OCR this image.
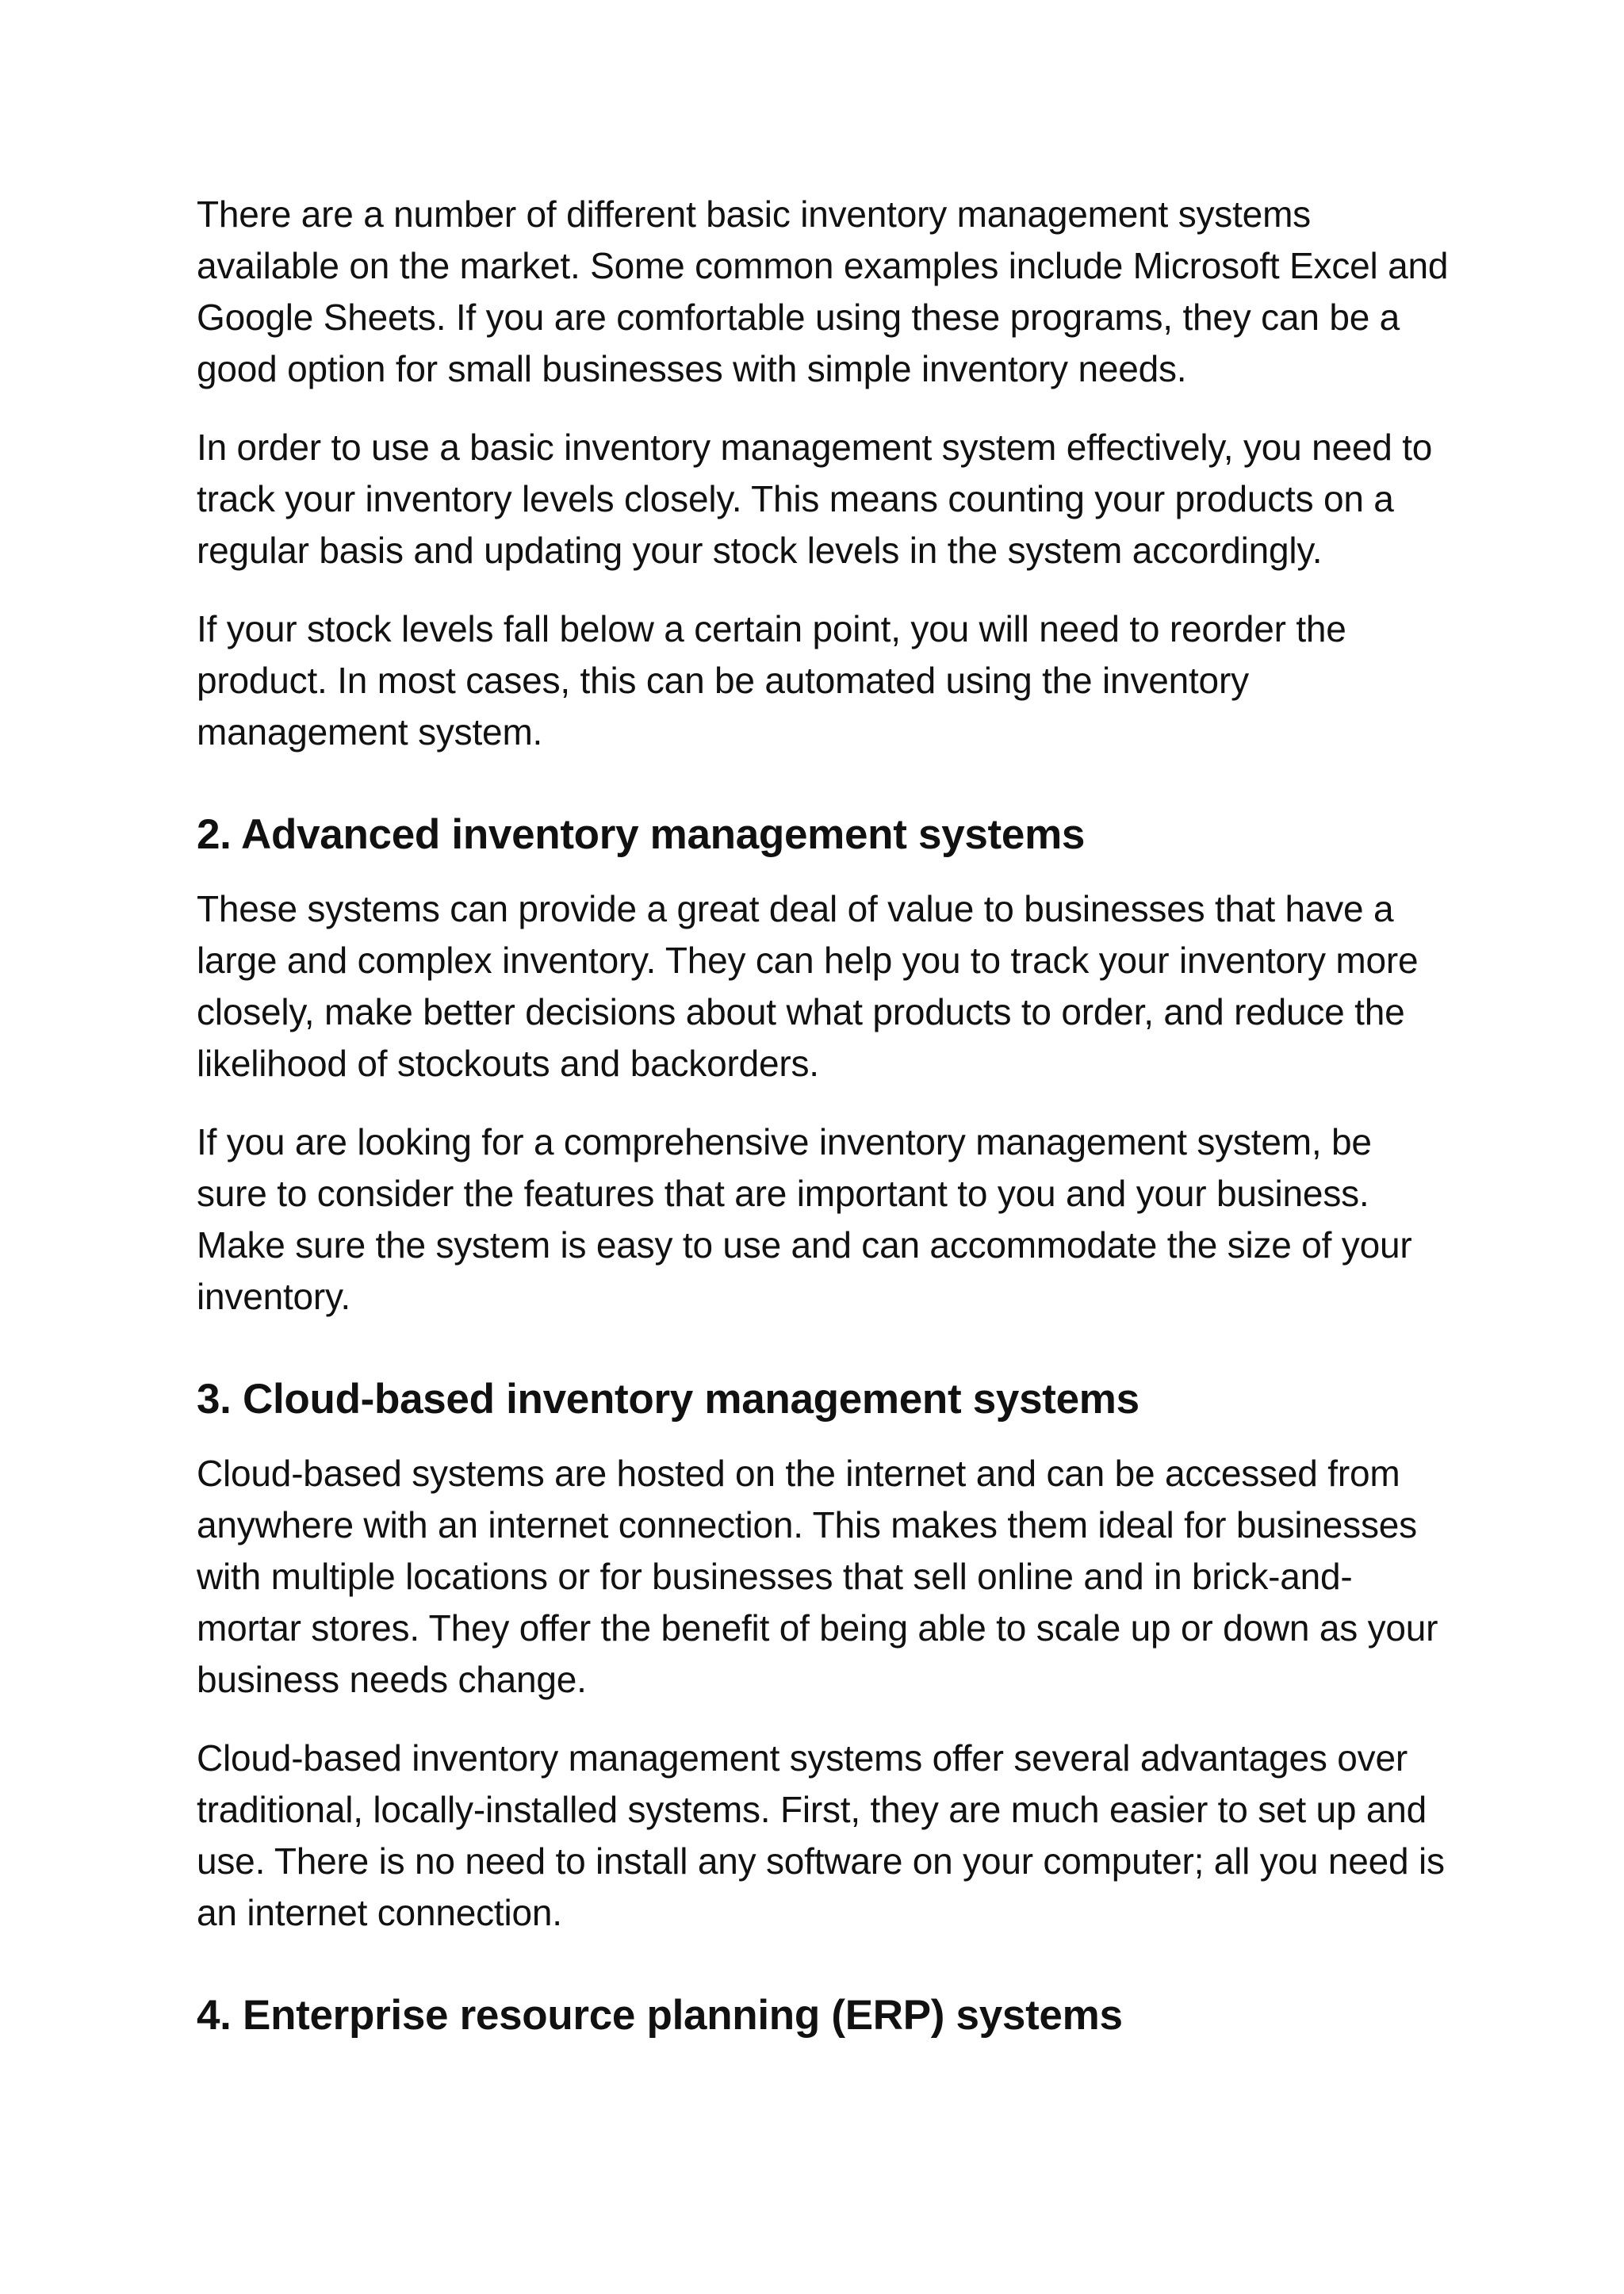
There are a number of different basic inventory management systems available on the market. Some common examples include Microsoft Excel and Google Sheets. If you are comfortable using these programs, they can be a good option for small businesses with simple inventory needs.

In order to use a basic inventory management system effectively, you need to track your inventory levels closely. This means counting your products on a regular basis and updating your stock levels in the system accordingly.

If your stock levels fall below a certain point, you will need to reorder the product. In most cases, this can be automated using the inventory management system.

2. Advanced inventory management systems

These systems can provide a great deal of value to businesses that have a large and complex inventory. They can help you to track your inventory more closely, make better decisions about what products to order, and reduce the likelihood of stockouts and backorders.

If you are looking for a comprehensive inventory management system, be sure to consider the features that are important to you and your business. Make sure the system is easy to use and can accommodate the size of your inventory.

3. Cloud-based inventory management systems

Cloud-based systems are hosted on the internet and can be accessed from anywhere with an internet connection. This makes them ideal for businesses with multiple locations or for businesses that sell online and in brick-and-mortar stores. They offer the benefit of being able to scale up or down as your business needs change.

Cloud-based inventory management systems offer several advantages over traditional, locally-installed systems. First, they are much easier to set up and use. There is no need to install any software on your computer; all you need is an internet connection.

4. Enterprise resource planning (ERP) systems
